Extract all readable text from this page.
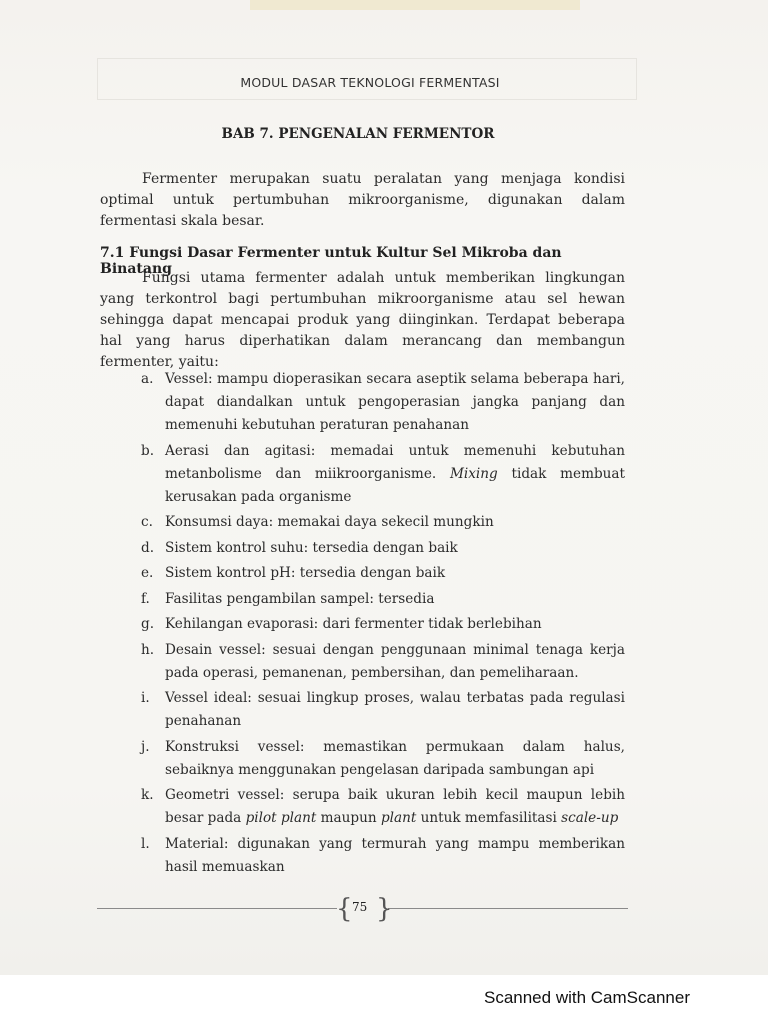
MODUL DASAR TEKNOLOGI FERMENTASI
BAB 7. PENGENALAN FERMENTOR

Fermenter merupakan suatu peralatan yang menjaga kondisi optimal untuk pertumbuhan mikroorganisme, digunakan dalam fermentasi skala besar.

7.1 Fungsi Dasar Fermenter untuk Kultur Sel Mikroba dan Binatang

Fungsi utama fermenter adalah untuk memberikan lingkungan yang terkontrol bagi pertumbuhan mikroorganisme atau sel hewan sehingga dapat mencapai produk yang diinginkan. Terdapat beberapa hal yang harus diperhatikan dalam merancang dan membangun fermenter, yaitu:

a. Vessel: mampu dioperasikan secara aseptik selama beberapa hari, dapat diandalkan untuk pengoperasian jangka panjang dan memenuhi kebutuhan peraturan penahanan
b. Aerasi dan agitasi: memadai untuk memenuhi kebutuhan metanbolisme dan miikroorganisme. Mixing tidak membuat kerusakan pada organisme
c. Konsumsi daya: memakai daya sekecil mungkin
d. Sistem kontrol suhu: tersedia dengan baik
e. Sistem kontrol pH: tersedia dengan baik
f. Fasilitas pengambilan sampel: tersedia
g. Kehilangan evaporasi: dari fermenter tidak berlebihan
h. Desain vessel: sesuai dengan penggunaan minimal tenaga kerja pada operasi, pemanenan, pembersihan, dan pemeliharaan.
i. Vessel ideal: sesuai lingkup proses, walau terbatas pada regulasi penahanan
j. Konstruksi vessel: memastikan permukaan dalam halus, sebaiknya menggunakan pengelasan daripada sambungan api
k. Geometri vessel: serupa baik ukuran lebih kecil maupun lebih besar pada pilot plant maupun plant untuk memfasilitasi scale-up
l. Material: digunakan yang termurah yang mampu memberikan hasil memuaskan
{ 75 }
Scanned with CamScanner
